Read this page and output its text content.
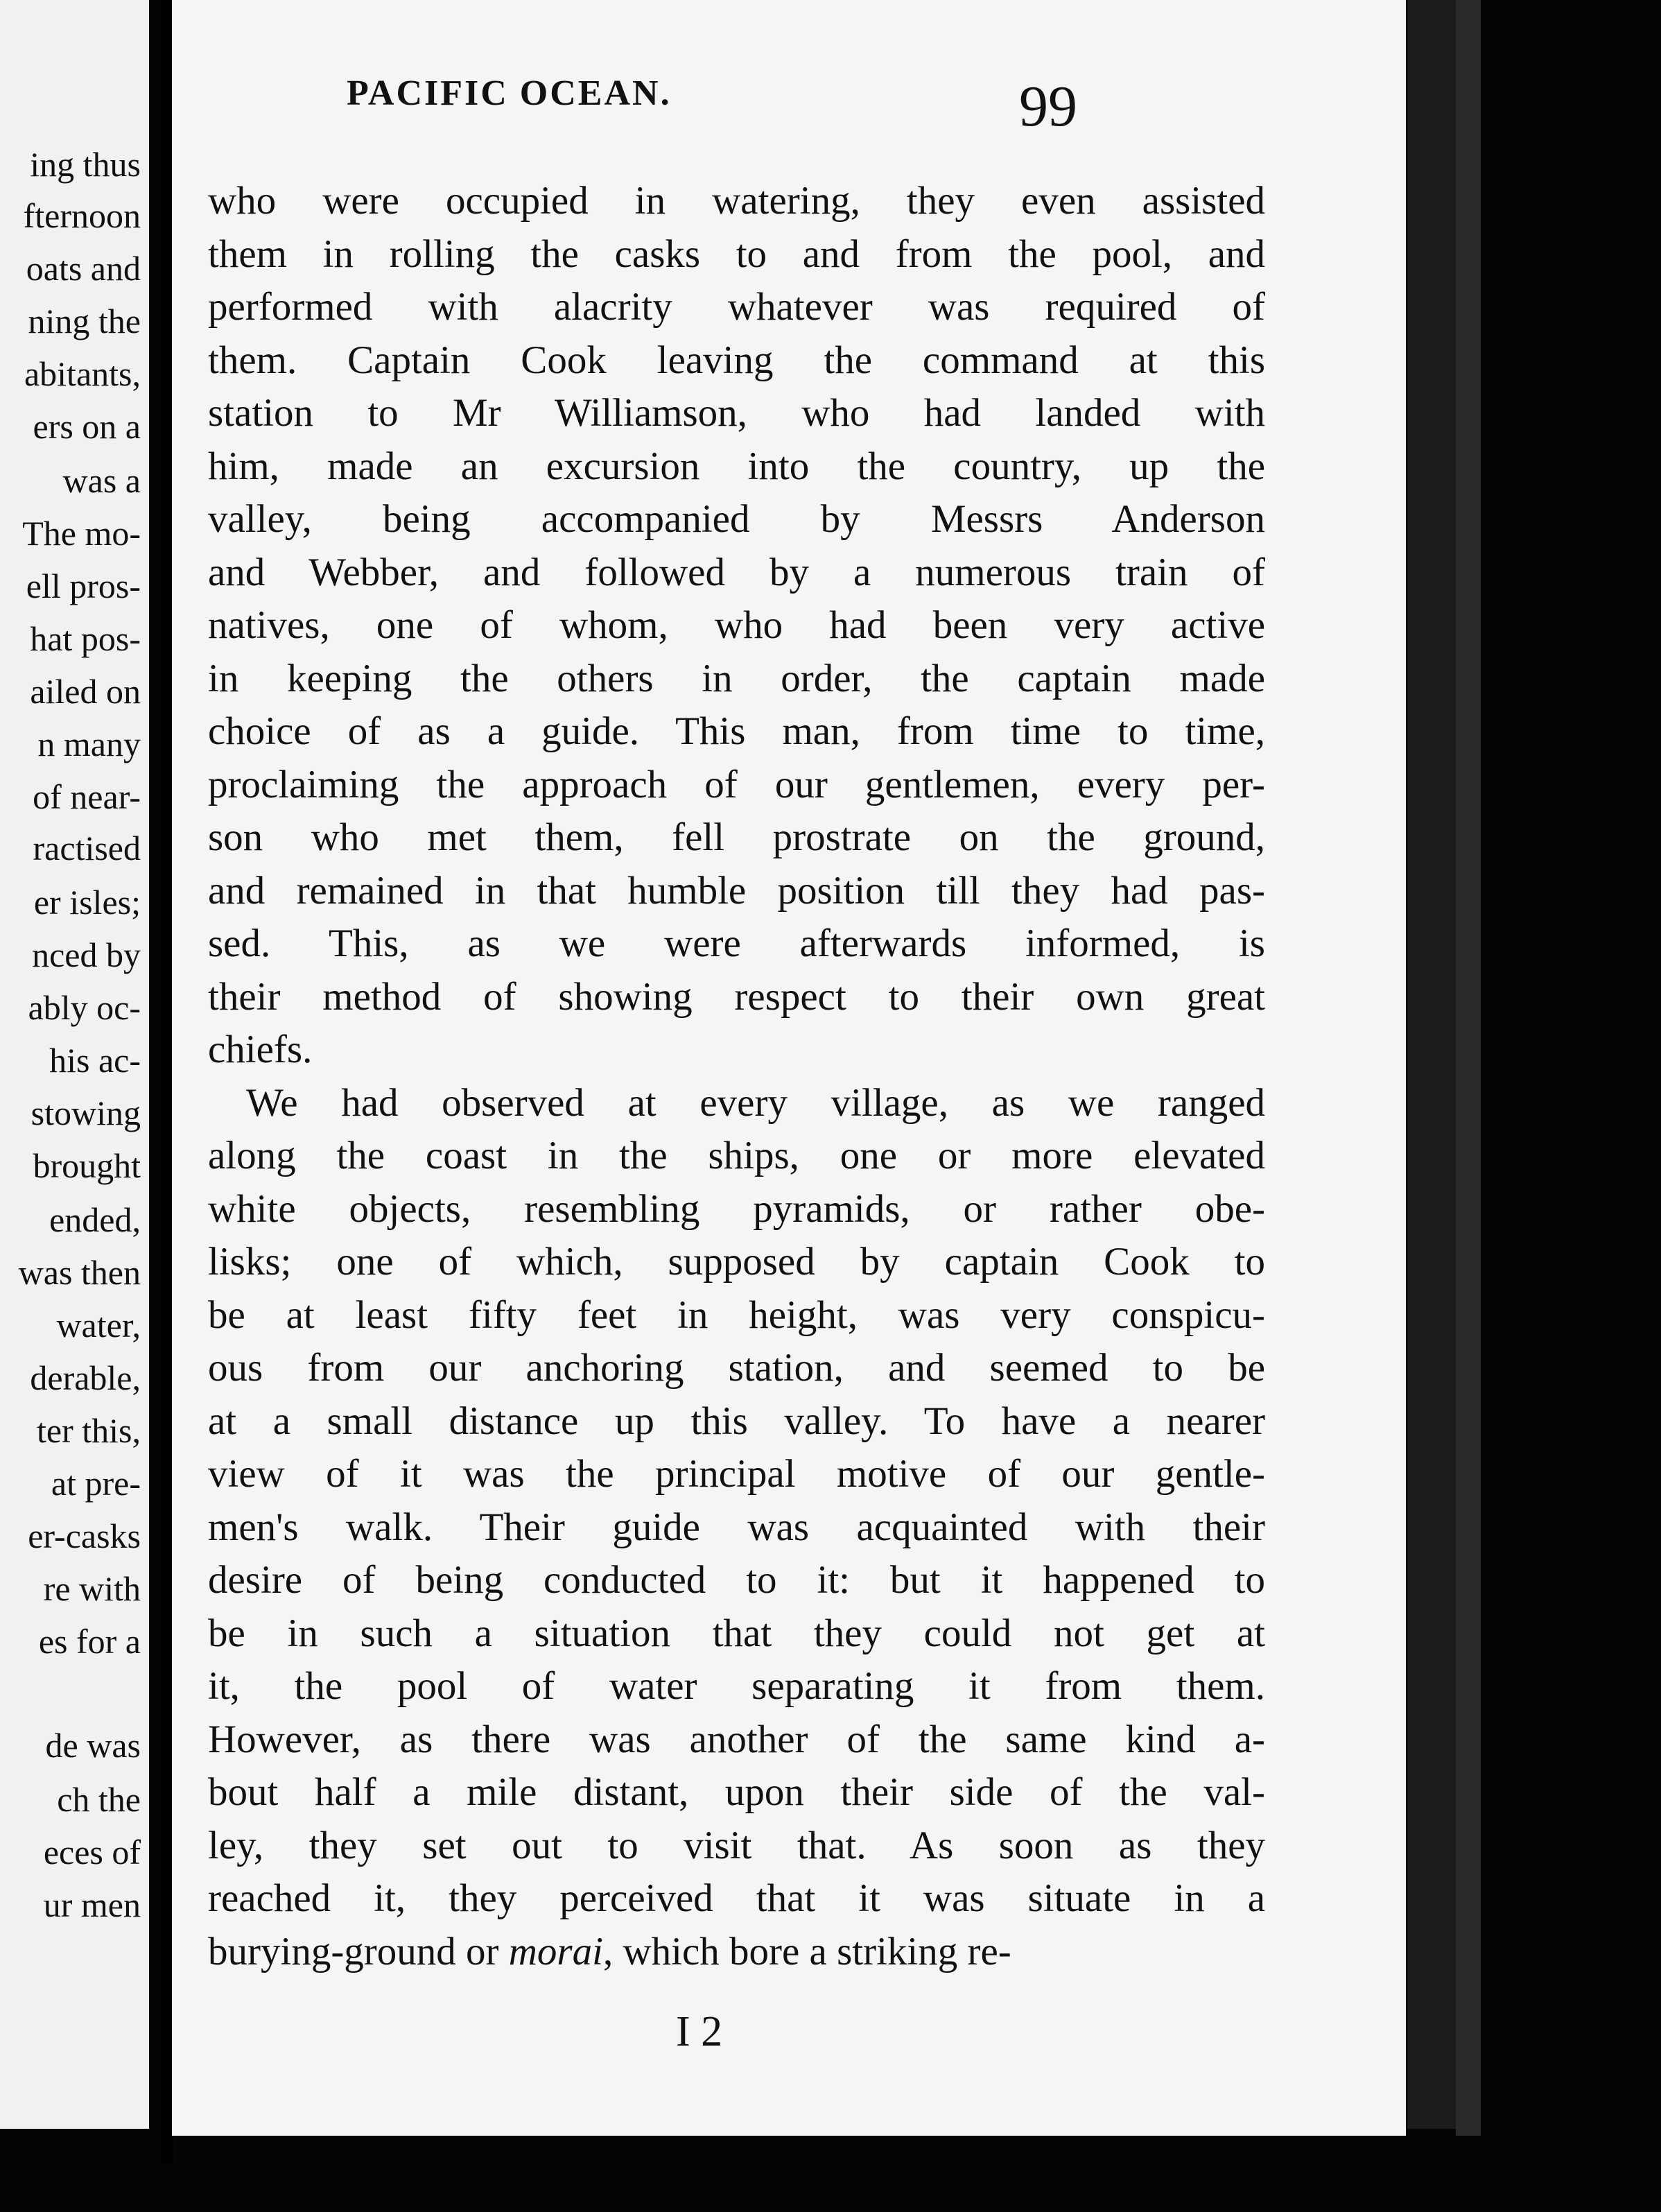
ing thus

fternoon

oats and

ning the

abitants,

ers on a

was a

The mo-

ell pros-

hat pos-

ailed on

n many

of near-

ractised

er isles;

nced by

ably oc-

his ac-

stowing

brought

ended,

was then

water,

derable,

ter this,

at pre-

er-casks

re with

es for a

de was

ch the

eces of

ur men

PACIFIC OCEAN.	99

who were occupied in watering, they even assisted
them in rolling the casks to and from the pool, and
performed with alacrity whatever was required of
them. Captain Cook leaving the command at this
station to Mr Williamson, who had landed with
him, made an excursion into the country, up the
valley, being accompanied by Messrs Anderson
and Webber, and followed by a numerous train of
natives, one of whom, who had been very active
in keeping the others in order, the captain made
choice of as a guide. This man, from time to time,
proclaiming the approach of our gentlemen, every per-
son who met them, fell prostrate on the ground,
and remained in that humble position till they had pas-
sed. This, as we were afterwards informed, is
their method of showing respect to their own great
chiefs.
We had observed at every village, as we ranged
along the coast in the ships, one or more elevated
white objects, resembling pyramids, or rather obe-
lisks; one of which, supposed by captain Cook to
be at least fifty feet in height, was very conspicu-
ous from our anchoring station, and seemed to be
at a small distance up this valley. To have a nearer
view of it was the principal motive of our gentle-
men's walk. Their guide was acquainted with their
desire of being conducted to it: but it happened to
be in such a situation that they could not get at
it, the pool of water separating it from them.
However, as there was another of the same kind a-
bout half a mile distant, upon their side of the val-
ley, they set out to visit that. As soon as they
reached it, they perceived that it was situate in a
burying-ground or morai, which bore a striking re-

I 2
